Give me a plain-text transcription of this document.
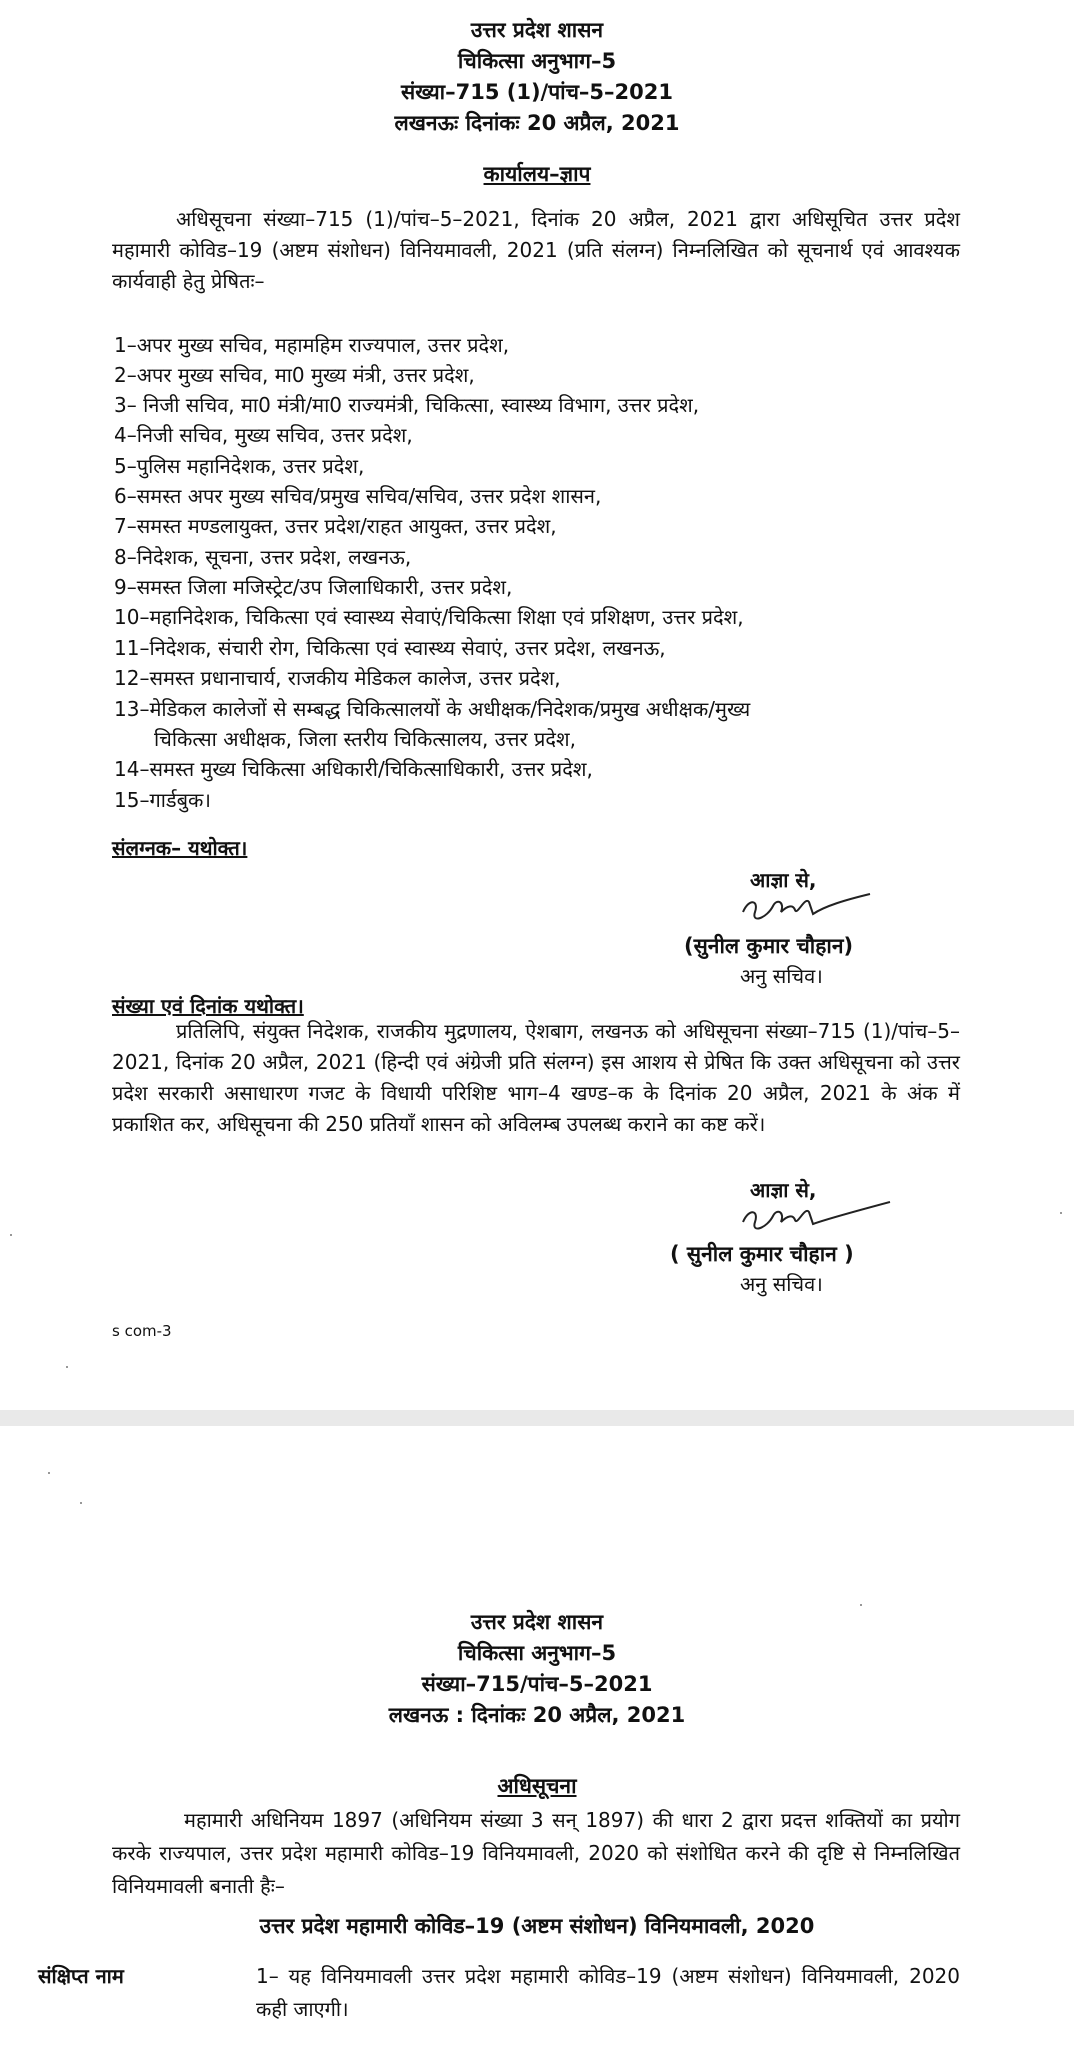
उत्तर प्रदेश शासन
चिकित्सा अनुभाग–5
संख्या–715 (1)/पांच–5–2021
लखनऊः दिनांकः 20 अप्रैल, 2021
कार्यालय–ज्ञाप
अधिसूचना संख्या–715 (1)/पांच–5–2021, दिनांक 20 अप्रैल, 2021 द्वारा अधिसूचित उत्तर प्रदेश महामारी कोविड–19 (अष्टम संशोधन) विनियमावली, 2021 (प्रति संलग्न) निम्नलिखित को सूचनार्थ एवं आवश्यक कार्यवाही हेतु प्रेषितः–
1–अपर मुख्य सचिव, महामहिम राज्यपाल, उत्तर प्रदेश,
2–अपर मुख्य सचिव, मा0 मुख्य मंत्री, उत्तर प्रदेश,
3– निजी सचिव, मा0 मंत्री/मा0 राज्यमंत्री, चिकित्सा, स्वास्थ्य विभाग, उत्तर प्रदेश,
4–निजी सचिव, मुख्य सचिव, उत्तर प्रदेश,
5–पुलिस महानिदेशक, उत्तर प्रदेश,
6–समस्त अपर मुख्य सचिव/प्रमुख सचिव/सचिव, उत्तर प्रदेश शासन,
7–समस्त मण्डलायुक्त, उत्तर प्रदेश/राहत आयुक्त, उत्तर प्रदेश,
8–निदेशक, सूचना, उत्तर प्रदेश, लखनऊ,
9–समस्त जिला मजिस्ट्रेट/उप जिलाधिकारी, उत्तर प्रदेश,
10–महानिदेशक, चिकित्सा एवं स्वास्थ्य सेवाएं/चिकित्सा शिक्षा एवं प्रशिक्षण, उत्तर प्रदेश,
11–निदेशक, संचारी रोग, चिकित्सा एवं स्वास्थ्य सेवाएं, उत्तर प्रदेश, लखनऊ,
12–समस्त प्रधानाचार्य, राजकीय मेडिकल कालेज, उत्तर प्रदेश,
13–मेडिकल कालेजों से सम्बद्ध चिकित्सालयों के अधीक्षक/निदेशक/प्रमुख अधीक्षक/मुख्य
चिकित्सा अधीक्षक, जिला स्तरीय चिकित्सालय, उत्तर प्रदेश,
14–समस्त मुख्य चिकित्सा अधिकारी/चिकित्साधिकारी, उत्तर प्रदेश,
15–गार्डबुक।
संलग्नक– यथोक्त।
आज्ञा से,
(सुनील कुमार चौहान)
अनु सचिव।
संख्या एवं दिनांक यथोक्त।
प्रतिलिपि, संयुक्त निदेशक, राजकीय मुद्रणालय, ऐशबाग, लखनऊ को अधिसूचना संख्या–715 (1)/पांच–5–2021, दिनांक 20 अप्रैल, 2021 (हिन्दी एवं अंग्रेजी प्रति संलग्न) इस आशय से प्रेषित कि उक्त अधिसूचना को उत्तर प्रदेश सरकारी असाधारण गजट के विधायी परिशिष्ट भाग–4 खण्ड–क के दिनांक 20 अप्रैल, 2021 के अंक में प्रकाशित कर, अधिसूचना की 250 प्रतियाँ शासन को अविलम्ब उपलब्ध कराने का कष्ट करें।
आज्ञा से,
( सुनील कुमार चौहान )
अनु सचिव।
s com-3
उत्तर प्रदेश शासन
चिकित्सा अनुभाग–5
संख्या–715/पांच–5–2021
लखनऊ : दिनांकः 20 अप्रैल, 2021
अधिसूचना
महामारी अधिनियम 1897 (अधिनियम संख्या 3 सन् 1897) की धारा 2 द्वारा प्रदत्त शक्तियों का प्रयोग करके राज्यपाल, उत्तर प्रदेश महामारी कोविड–19 विनियमावली, 2020 को संशोधित करने की दृष्टि से निम्नलिखित विनियमावली बनाती हैः–
उत्तर प्रदेश महामारी कोविड–19 (अष्टम संशोधन) विनियमावली, 2020
संक्षिप्त नाम	1– यह विनियमावली उत्तर प्रदेश महामारी कोविड–19 (अष्टम संशोधन) विनियमावली, 2020 कही जाएगी।
